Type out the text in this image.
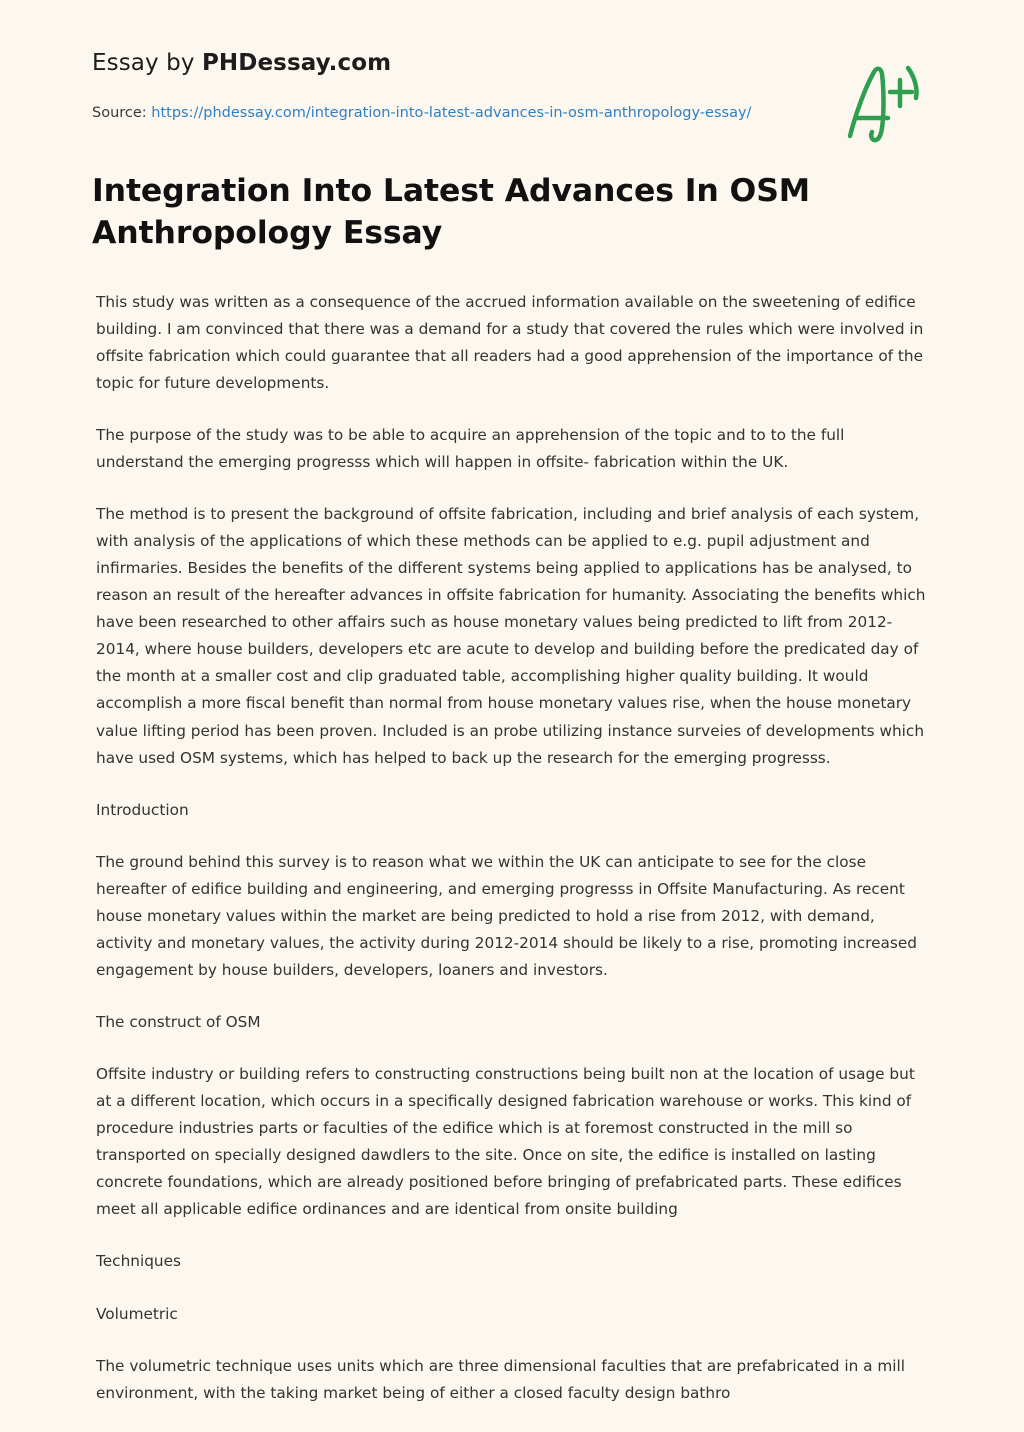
Essay by PHDessay.com
Source: https://phdessay.com/integration-into-latest-advances-in-osm-anthropology-essay/
Integration Into Latest Advances In OSM Anthropology Essay

This study was written as a consequence of the accrued information available on the sweetening of edifice building. I am convinced that there was a demand for a study that covered the rules which were involved in offsite fabrication which could guarantee that all readers had a good apprehension of the importance of the topic for future developments.

The purpose of the study was to be able to acquire an apprehension of the topic and to to the full understand the emerging progresss which will happen in offsite- fabrication within the UK.

The method is to present the background of offsite fabrication, including and brief analysis of each system, with analysis of the applications of which these methods can be applied to e.g. pupil adjustment and infirmaries. Besides the benefits of the different systems being applied to applications has be analysed, to reason an result of the hereafter advances in offsite fabrication for humanity. Associating the benefits which have been researched to other affairs such as house monetary values being predicted to lift from 2012-2014, where house builders, developers etc are acute to develop and building before the predicated day of the month at a smaller cost and clip graduated table, accomplishing higher quality building. It would accomplish a more fiscal benefit than normal from house monetary values rise, when the house monetary value lifting period has been proven. Included is an probe utilizing instance surveies of developments which have used OSM systems, which has helped to back up the research for the emerging progresss.

Introduction

The ground behind this survey is to reason what we within the UK can anticipate to see for the close hereafter of edifice building and engineering, and emerging progresss in Offsite Manufacturing. As recent house monetary values within the market are being predicted to hold a rise from 2012, with demand, activity and monetary values, the activity during 2012-2014 should be likely to a rise, promoting increased engagement by house builders, developers, loaners and investors.

The construct of OSM

Offsite industry or building refers to constructing constructions being built non at the location of usage but at a different location, which occurs in a specifically designed fabrication warehouse or works. This kind of procedure industries parts or faculties of the edifice which is at foremost constructed in the mill so transported on specially designed dawdlers to the site. Once on site, the edifice is installed on lasting concrete foundations, which are already positioned before bringing of prefabricated parts. These edifices meet all applicable edifice ordinances and are identical from onsite building

Techniques

Volumetric

The volumetric technique uses units which are three dimensional faculties that are prefabricated in a mill environment, with the taking market being of either a closed faculty design bathro
